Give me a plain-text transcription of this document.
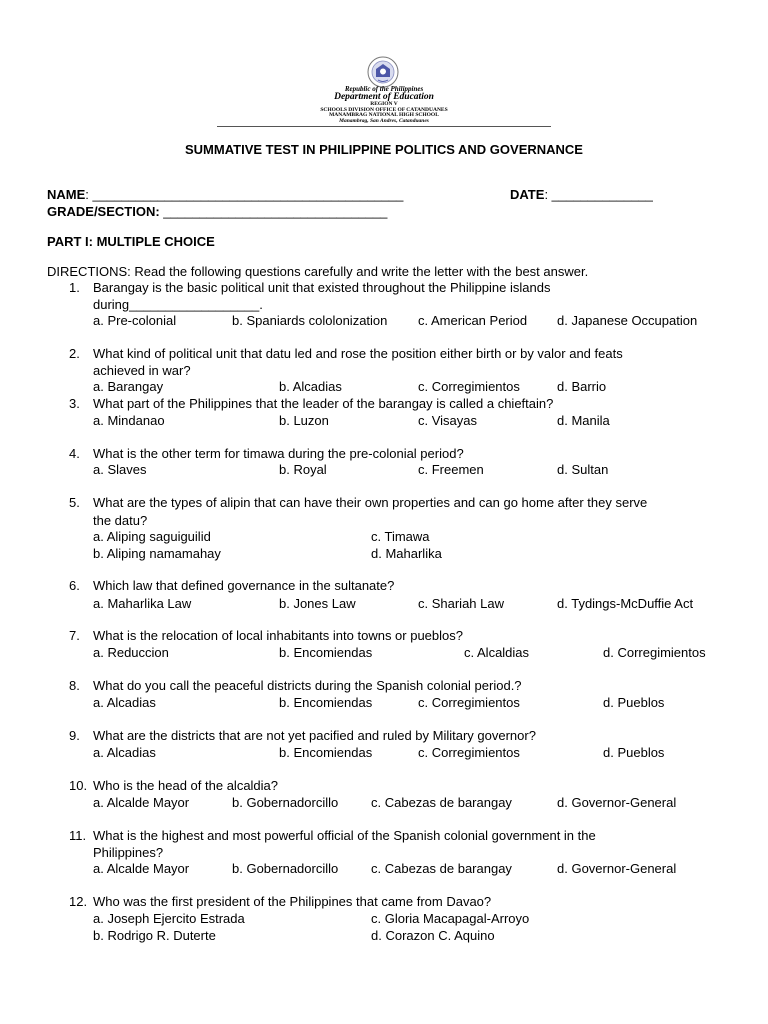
Republic of the Philippines
Department of Education
REGION V
SCHOOLS DIVISION OFFICE OF CATANDUANES
MANAMBRAG NATIONAL HIGH SCHOOL
Manambrag, San Andres, Catanduanes
SUMMATIVE TEST IN PHILIPPINE POLITICS AND GOVERNANCE
NAME: ___________________________________________	DATE: ______________
GRADE/SECTION: _______________________________
PART I: MULTIPLE CHOICE
DIRECTIONS: Read the following questions carefully and write the letter with the best answer.
1. Barangay is the basic political unit that existed throughout the Philippine islands
during__________________.
a. Pre-colonial	b. Spaniards cololonization c. American Period d. Japanese Occupation
2. What kind of political unit that datu led and rose the position either birth or by valor and feats
achieved in war?
a. Barangay	b. Alcadias	c. Corregimientos	d. Barrio
3. What part of the Philippines that the leader of the barangay is called a chieftain?
a. Mindanao	b. Luzon	c. Visayas	d. Manila
4. What is the other term for timawa during the pre-colonial period?
a. Slaves	b. Royal	c. Freemen	d. Sultan
5. What are the types of alipin that can have their own properties and can go home after they serve
the datu?
a. Aliping saguiguilid	c. Timawa
b. Aliping namamahay	d. Maharlika
6. Which law that defined governance in the sultanate?
a. Maharlika Law	b. Jones Law	c. Shariah Law	d. Tydings-McDuffie Act
7. What is the relocation of local inhabitants into towns or pueblos?
a. Reduccion	b. Encomiendas	c. Alcaldias	d. Corregimientos
8. What do you call the peaceful districts during the Spanish colonial period.?
a. Alcadias	b. Encomiendas	c. Corregimientos	d. Pueblos
9. What are the districts that are not yet pacified and ruled by Military governor?
a. Alcadias	b. Encomiendas	c. Corregimientos	d. Pueblos
10. Who is the head of the alcaldia?
a. Alcalde Mayor	b. Gobernadorcillo	c. Cabezas de barangay	d. Governor-General
11. What is the highest and most powerful official of the Spanish colonial government in the
Philippines?
a. Alcalde Mayor	b. Gobernadorcillo	c. Cabezas de barangay	d. Governor-General
12. Who was the first president of the Philippines that came from Davao?
a. Joseph Ejercito Estrada	c. Gloria Macapagal-Arroyo
b. Rodrigo R. Duterte	d. Corazon C. Aquino
